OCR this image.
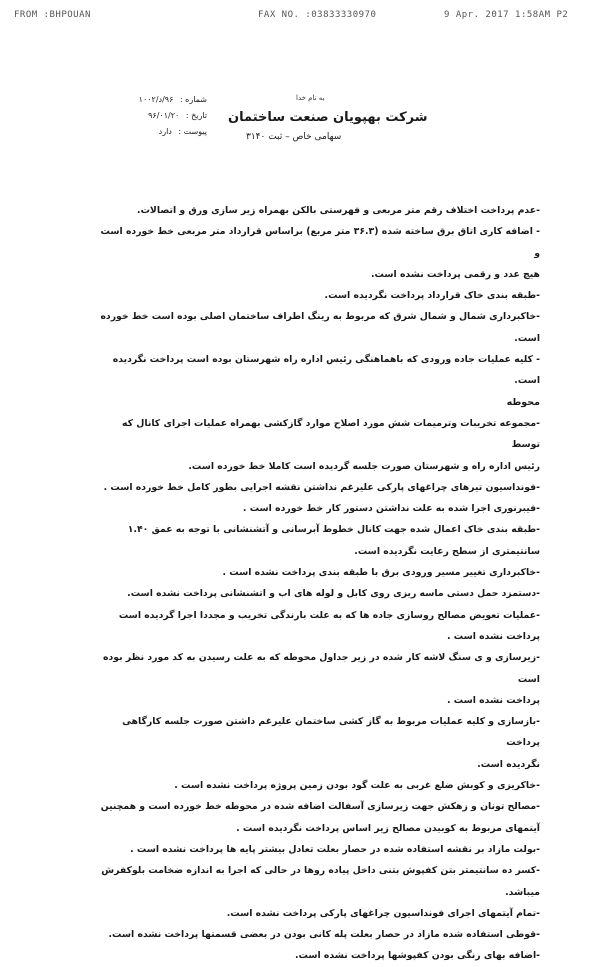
FROM :BHPOUAN	FAX NO. :03833330970	9 Apr. 2017 1:58AM P2
به نام خدا
شرکت بهپویان صنعت ساختمان
سهامی خاص – ثبت ۳۱۴۰
شماره : ۹۶/د/۱۰۰۲
تاریخ : ۹۶/۰۱/۲۰
پیوست : دارد

-عدم پرداخت اختلاف رقم متر مربعی و فهرستی بالکن بهمراه زیر سازی ورق و اتصالات.

- اضافه کاری اتاق برق ساخته شده (۳۶.۳ متر مربع) براساس قرارداد متر مربعی خط خورده است و

هیچ عدد و رقمی پرداخت نشده است.

-طبقه بندی خاک قرارداد پرداخت نگردیده است.

-خاکبرداری شمال و شمال شرق که مربوط به رینگ اطراف ساختمان اصلی بوده است خط خورده است.

- کلیه عملیات جاده ورودی که باهماهنگی رئیس اداره راه شهرستان بوده است پرداخت نگردیده است.

محوطه

-مجموعه تخریبات وترمیمات شش مورد اصلاح موارد گازکشی بهمراه عملیات اجرای کانال که توسط

رئیس اداره راه و شهرستان صورت جلسه گردیده است کاملا خط خورده است.

-فونداسیون تیرهای چراغهای پارکی علیرغم نداشتن نقشه اجرایی بطور کامل خط خورده است .

-فیبرنوری اجرا شده به علت نداشتن دستور کار خط خورده است .

-طبقه بندی خاک اعمال شده جهت کانال خطوط آبرسانی و آتشنشانی با توجه به عمق ۱.۴۰

سانتیمتری از سطح رعایت نگردیده است.

-خاکبرداری تغییر مسیر ورودی برق با طبقه بندی پرداخت نشده است .

-دستمزد حمل دستی ماسه ریزی روی کابل و لوله های اب و اتشنشانی پرداخت نشده است.

-عملیات تعویض مصالح روسازی جاده ها که به علت بارندگی تخریب و مجددا اجرا گردیده است

پرداخت نشده است .

-زیرسازی و ی سنگ لاشه کار شده در زیر جداول محوطه که به علت رسیدن به کد مورد نظر بوده است

پرداخت نشده است .

-بازسازی و کلیه عملیات مربوط به گاز کشی ساختمان علیرغم داشتن صورت جلسه کارگاهی پرداخت

نگردیده است.

-خاکریزی و کوبش ضلع غربی به علت گود بودن زمین پروژه پرداخت نشده است .

-مصالح تونان و زهکش جهت زیرسازی آسفالت اضافه شده در محوطه خط خورده است و همچنین

آیتمهای مربوط به کوبیدن مصالح زیر اساس پرداخت نگردیده است .

-بولت مازاد بر نقشه استفاده شده در حصار بعلت تعادل بیشتر پایه ها پرداخت نشده است .

-کسر ده سانتیمتر بتن کفپوش بتنی داخل پیاده روها در حالی که اجرا به اندازه ضخامت بلوکفرش

میباشد.

-تمام آیتمهای اجرای فونداسیون چراغهای پارکی پرداخت نشده است.

-قوطی استفاده شده مازاد در حصار بعلت پله کانی بودن در بعضی قسمتها پرداخت نشده است.

-اضافه بهای رنگی بودن کفپوشها پرداخت نشده است.
